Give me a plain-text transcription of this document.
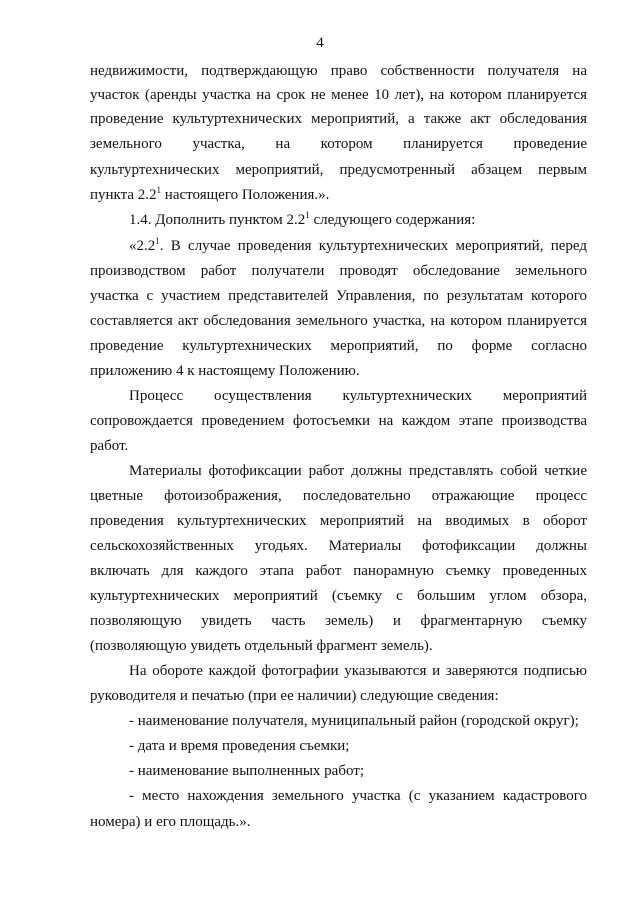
4
недвижимости, подтверждающую право собственности получателя на
участок (аренды участка на срок не менее 10 лет), на котором планируется
проведение культуртехнических мероприятий, а также акт обследования
земельного участка, на котором планируется проведение
культуртехнических мероприятий, предусмотренный абзацем первым
пункта $2.2^1$ настоящего Положения.».
1.4. Дополнить пунктом $2.2^1$ следующего содержания:
«$2.2^1$. В случае проведения культуртехнических мероприятий, перед
производством работ получатели проводят обследование земельного
участка с участием представителей Управления, по результатам которого
составляется акт обследования земельного участка, на котором планируется
проведение культуртехнических мероприятий, по форме согласно
приложению 4 к настоящему Положению.
Процесс осуществления культуртехнических мероприятий
сопровождается проведением фотосъемки на каждом этапе производства
работ.
Материалы фотофиксации работ должны представлять собой четкие
цветные фотоизображения, последовательно отражающие процесс
проведения культуртехнических мероприятий на вводимых в оборот
сельскохозяйственных угодьях. Материалы фотофиксации должны
включать для каждого этапа работ панорамную съемку проведенных
культуртехнических мероприятий (съемку с большим углом обзора,
позволяющую увидеть часть земель) и фрагментарную съемку
(позволяющую увидеть отдельный фрагмент земель).
На обороте каждой фотографии указываются и заверяются подписью
руководителя и печатью (при ее наличии) следующие сведения:
- наименование получателя, муниципальный район (городской округ);
- дата и время проведения съемки;
- наименование выполненных работ;
- место нахождения земельного участка (с указанием кадастрового
номера) и его площадь.».
